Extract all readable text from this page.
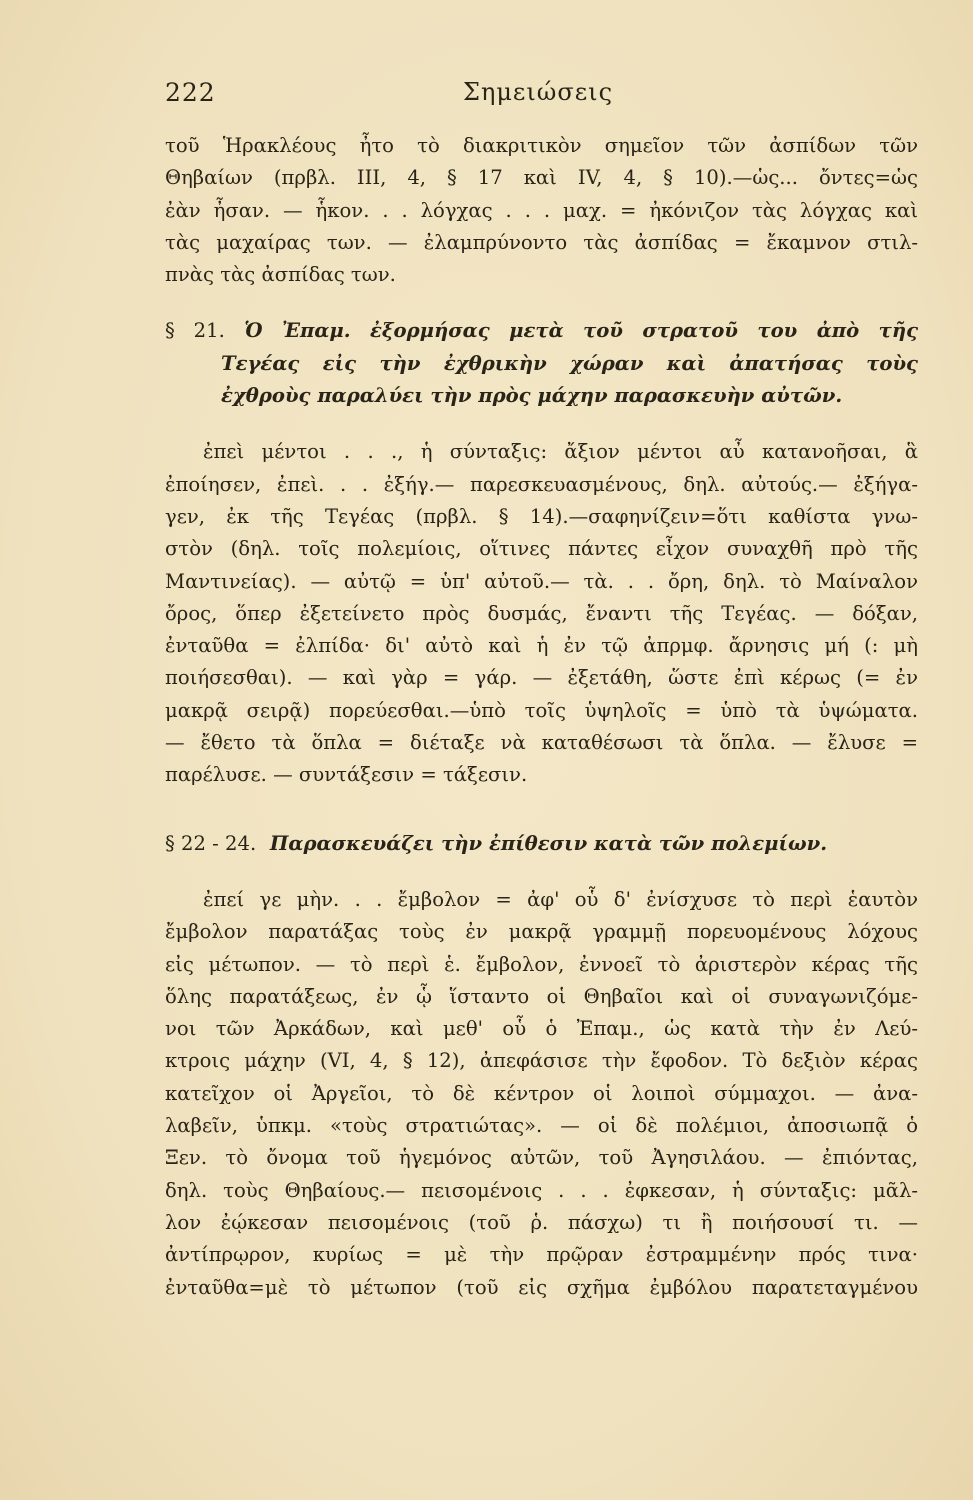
222	Σημειώσεις
τοῦ Ἡρακλέους ἦτο τὸ διακριτικὸν σημεῖον τῶν ἀσπίδων τῶν
Θηβαίων (πρβλ. III, 4, § 17 καὶ IV, 4, § 10).—ὡς... ὄντες=ὡς
ἐὰν ἦσαν. — ἧκον. . . λόγχας . . . μαχ. = ἠκόνιζον τὰς λόγχας καὶ
τὰς μαχαίρας των. — ἐλαμπρύνοντο τὰς ἀσπίδας = ἔκαμνον στιλ-
πνὰς τὰς ἀσπίδας των.
§ 21. Ὁ Ἐπαμ. ἐξορμήσας μετὰ τοῦ στρατοῦ του ἀπὸ τῆς
Τεγέας εἰς τὴν ἐχθρικὴν χώραν καὶ ἀπατήσας τοὺς
ἐχθροὺς παραλύει τὴν πρὸς μάχην παρασκευὴν αὐτῶν.
ἐπεὶ μέντοι . . ., ἡ σύνταξις: ἄξιον μέντοι αὖ κατανοῆσαι, ἃ
ἐποίησεν, ἐπεὶ. . . ἐξήγ.— παρεσκευασμένους, δηλ. αὐτούς.— ἐξήγα-
γεν, ἐκ τῆς Τεγέας (πρβλ. § 14).—σαφηνίζειν=ὅτι καθίστα γνω-
στὸν (δηλ. τοῖς πολεμίοις, οἵτινες πάντες εἶχον συναχθῆ πρὸ τῆς
Μαντινείας). — αὐτῷ = ὑπ' αὐτοῦ.— τὰ. . . ὄρη, δηλ. τὸ Μαίναλον
ὄρος, ὅπερ ἐξετείνετο πρὸς δυσμάς, ἔναντι τῆς Τεγέας. — δόξαν,
ἐνταῦθα = ἐλπίδα· δι' αὐτὸ καὶ ἡ ἐν τῷ ἀπρμφ. ἄρνησις μή (: μὴ
ποιήσεσθαι). — καὶ γὰρ = γάρ. — ἐξετάθη, ὥστε ἐπὶ κέρως (= ἐν
μακρᾷ σειρᾷ) πορεύεσθαι.—ὑπὸ τοῖς ὑψηλοῖς = ὑπὸ τὰ ὑψώματα.
— ἔθετο τὰ ὅπλα = διέταξε νὰ καταθέσωσι τὰ ὅπλα. — ἔλυσε =
παρέλυσε. — συντάξεσιν = τάξεσιν.
§ 22 - 24. Παρασκευάζει τὴν ἐπίθεσιν κατὰ τῶν πολεμίων.
ἐπεί γε μὴν. . . ἔμβολον = ἀφ' οὗ δ' ἐνίσχυσε τὸ περὶ ἑαυτὸν
ἔμβολον παρατάξας τοὺς ἐν μακρᾷ γραμμῇ πορευομένους λόχους
εἰς μέτωπον. — τὸ περὶ ἑ. ἔμβολον, ἐννοεῖ τὸ ἀριστερὸν κέρας τῆς
ὅλης παρατάξεως, ἐν ᾧ ἵσταντο οἱ Θηβαῖοι καὶ οἱ συναγωνιζόμε-
νοι τῶν Ἀρκάδων, καὶ μεθ' οὗ ὁ Ἐπαμ., ὡς κατὰ τὴν ἐν Λεύ-
κτροις μάχην (VI, 4, § 12), ἀπεφάσισε τὴν ἔφοδον. Τὸ δεξιὸν κέρας
κατεῖχον οἱ Ἀργεῖοι, τὸ δὲ κέντρον οἱ λοιποὶ σύμμαχοι. — ἀνα-
λαβεῖν, ὑπκμ. «τοὺς στρατιώτας». — οἱ δὲ πολέμιοι, ἀποσιωπᾷ ὁ
Ξεν. τὸ ὄνομα τοῦ ἡγεμόνος αὐτῶν, τοῦ Ἀγησιλάου. — ἐπιόντας,
δηλ. τοὺς Θηβαίους.— πεισομένοις . . . ἐφκεσαν, ἡ σύνταξις: μᾶλ-
λον ἐῴκεσαν πεισομένοις (τοῦ ῥ. πάσχω) τι ἢ ποιήσουσί τι. —
ἀντίπρῳρον, κυρίως = μὲ τὴν πρῷραν ἐστραμμένην πρός τινα·
ἐνταῦθα=μὲ τὸ μέτωπον (τοῦ εἰς σχῆμα ἐμβόλου παρατεταγμένου
